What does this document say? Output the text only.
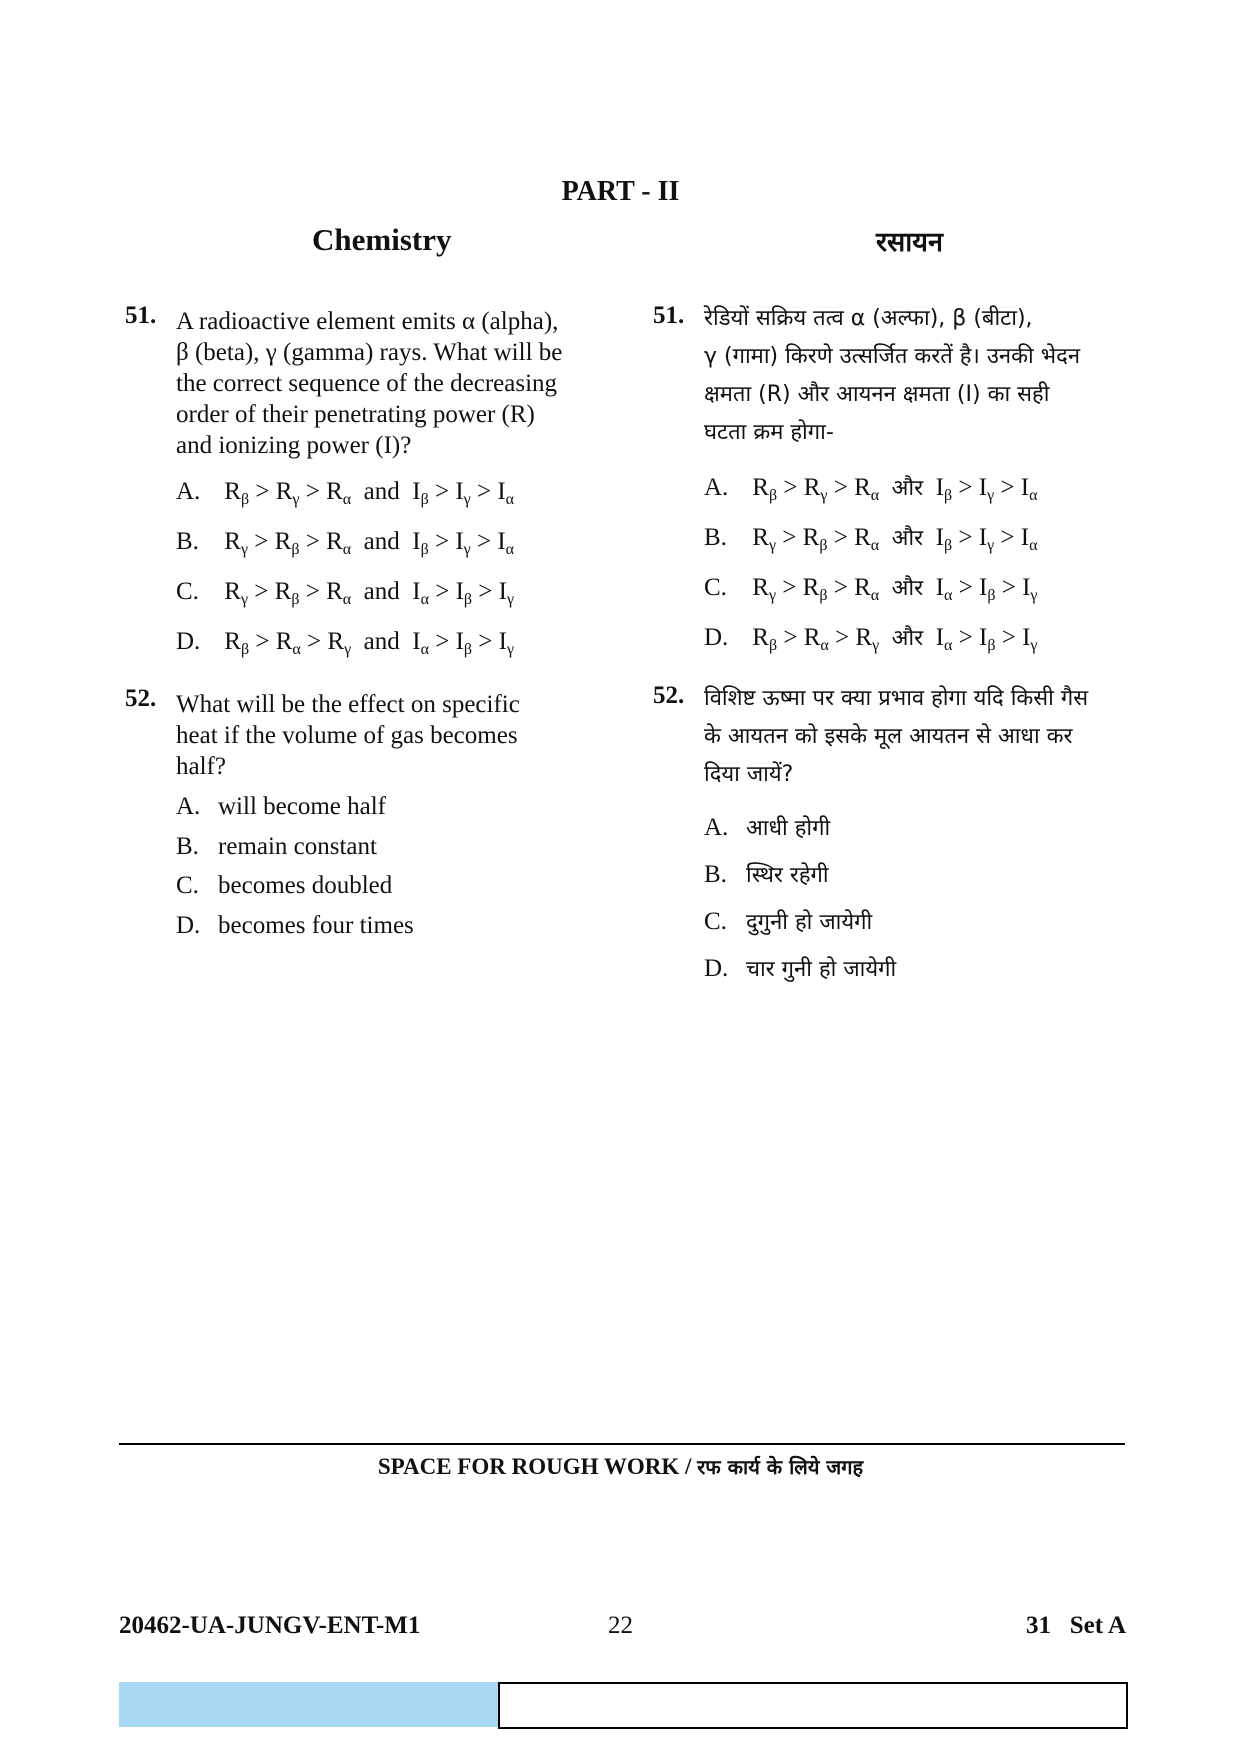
PART - II
Chemistry	रसायन
51. A radioactive element emits α (alpha),
β (beta), γ (gamma) rays. What will be
the correct sequence of the decreasing
order of their penetrating power (R)
and ionizing power (I)?
A. $R_\beta > R_\gamma > R_\alpha$ and $I_\beta > I_\gamma > I_\alpha$
B. $R_\gamma > R_\beta > R_\alpha$ and $I_\beta > I_\gamma > I_\alpha$
C. $R_\gamma > R_\beta > R_\alpha$ and $I_\alpha > I_\beta > I_\gamma$
D. $R_\beta > R_\alpha > R_\gamma$ and $I_\alpha > I_\beta > I_\gamma$
52. What will be the effect on specific
heat if the volume of gas becomes
half?
A. will become half
B. remain constant
C. becomes doubled
D. becomes four times
51. रेडियों सक्रिय तत्व α (अल्फा), β (बीटा),
γ (गामा) किरणे उत्सर्जित करतें है। उनकी भेदन
क्षमता (R) और आयनन क्षमता (I) का सही
घटता क्रम होगा-
A. $R_\beta > R_\gamma > R_\alpha$ और $I_\beta > I_\gamma > I_\alpha$
B. $R_\gamma > R_\beta > R_\alpha$ और $I_\beta > I_\gamma > I_\alpha$
C. $R_\gamma > R_\beta > R_\alpha$ और $I_\alpha > I_\beta > I_\gamma$
D. $R_\beta > R_\alpha > R_\gamma$ और $I_\alpha > I_\beta > I_\gamma$
52. विशिष्ट ऊष्मा पर क्या प्रभाव होगा यदि किसी गैस
के आयतन को इसके मूल आयतन से आधा कर
दिया जायें?
A. आधी होगी
B. स्थिर रहेगी
C. दुगुनी हो जायेगी
D. चार गुनी हो जायेगी
SPACE FOR ROUGH WORK / रफ कार्य के लिये जगह
20462-UA-JUNGV-ENT-M1	22	31   Set A
